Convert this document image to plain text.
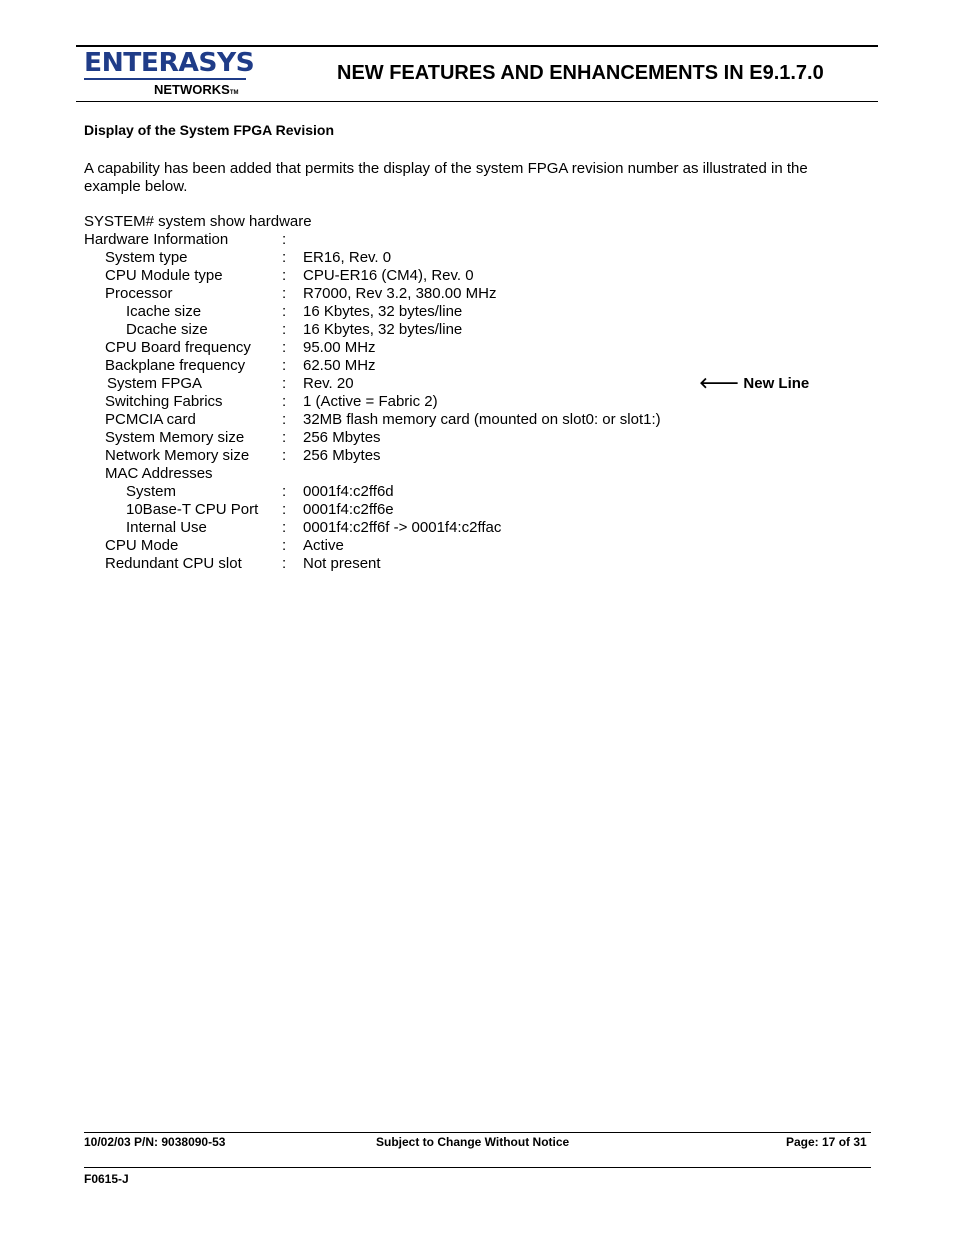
ENTERASYS
NETWORKSTM
NEW FEATURES AND ENHANCEMENTS IN E9.1.7.0
Display of the System FPGA Revision
A capability has been added that permits the display of the system FPGA revision number as illustrated in the example below.
SYSTEM# system show hardware
Hardware Information	:
System type	: ER16, Rev. 0
CPU Module type	: CPU-ER16 (CM4), Rev. 0
Processor	: R7000, Rev 3.2, 380.00 MHz
Icache size	: 16 Kbytes, 32 bytes/line
Dcache size	: 16 Kbytes, 32 bytes/line
CPU Board frequency : 95.00 MHz
Backplane frequency : 62.50 MHz
System FPGA	: Rev. 20	🡐 New Line
Switching Fabrics	: 1 (Active = Fabric 2)
PCMCIA card	: 32MB flash memory card (mounted on slot0: or slot1:)
System Memory size	: 256 Mbytes
Network Memory size : 256 Mbytes
MAC Addresses
System	: 0001f4:c2ff6d
10Base-T CPU Port : 0001f4:c2ff6e
Internal Use	: 0001f4:c2ff6f -> 0001f4:c2ffac
CPU Mode	: Active
Redundant CPU slot	: Not present
10/02/03 P/N: 9038090-53	Subject to Change Without Notice	Page: 17 of 31
F0615-J
